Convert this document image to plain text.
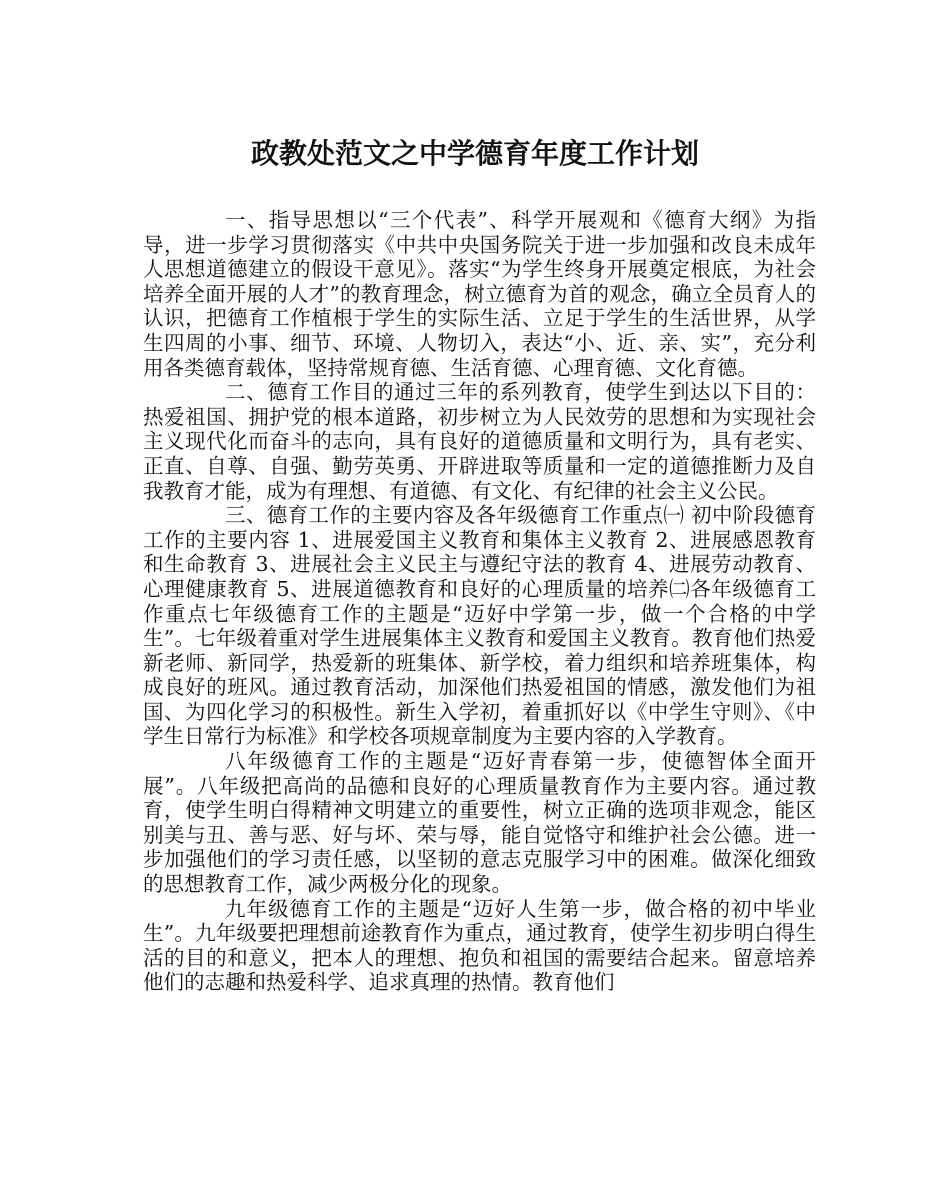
政教处范文之中学德育年度工作计划

一、指导思想以“三个代表”、科学开展观和《德育大纲》为指导，进一步学习贯彻落实《中共中央国务院关于进一步加强和改良未成年人思想道德建立的假设干意见》。落实“为学生终身开展奠定根底，为社会培养全面开展的人才”的教育理念，树立德育为首的观念，确立全员育人的认识，把德育工作植根于学生的实际生活、立足于学生的生活世界，从学生四周的小事、细节、环境、人物切入，表达“小、近、亲、实”，充分利用各类德育载体，坚持常规育德、生活育德、心理育德、文化育德。

二、德育工作目的通过三年的系列教育，使学生到达以下目的：热爱祖国、拥护党的根本道路，初步树立为人民效劳的思想和为实现社会主义现代化而奋斗的志向，具有良好的道德质量和文明行为，具有老实、正直、自尊、自强、勤劳英勇、开辟进取等质量和一定的道德推断力及自我教育才能，成为有理想、有道德、有文化、有纪律的社会主义公民。

三、德育工作的主要内容及各年级德育工作重点㈠ 初中阶段德育工作的主要内容 1、进展爱国主义教育和集体主义教育 2、进展感恩教育和生命教育 3、进展社会主义民主与遵纪守法的教育 4、进展劳动教育、心理健康教育 5、进展道德教育和良好的心理质量的培养㈡各年级德育工作重点七年级德育工作的主题是“迈好中学第一步，做一个合格的中学生”。七年级着重对学生进展集体主义教育和爱国主义教育。教育他们热爱新老师、新同学，热爱新的班集体、新学校，着力组织和培养班集体，构成良好的班风。通过教育活动，加深他们热爱祖国的情感，激发他们为祖国、为四化学习的积极性。新生入学初，着重抓好以《中学生守则》、《中学生日常行为标准》和学校各项规章制度为主要内容的入学教育。

八年级德育工作的主题是“迈好青春第一步，使德智体全面开展”。八年级把高尚的品德和良好的心理质量教育作为主要内容。通过教育，使学生明白得精神文明建立的重要性，树立正确的选项非观念，能区别美与丑、善与恶、好与坏、荣与辱，能自觉恪守和维护社会公德。进一步加强他们的学习责任感，以坚韧的意志克服学习中的困难。做深化细致的思想教育工作，减少两极分化的现象。

九年级德育工作的主题是“迈好人生第一步，做合格的初中毕业生”。九年级要把理想前途教育作为重点，通过教育，使学生初步明白得生活的目的和意义，把本人的理想、抱负和祖国的需要结合起来。留意培养他们的志趣和热爱科学、追求真理的热情。教育他们
